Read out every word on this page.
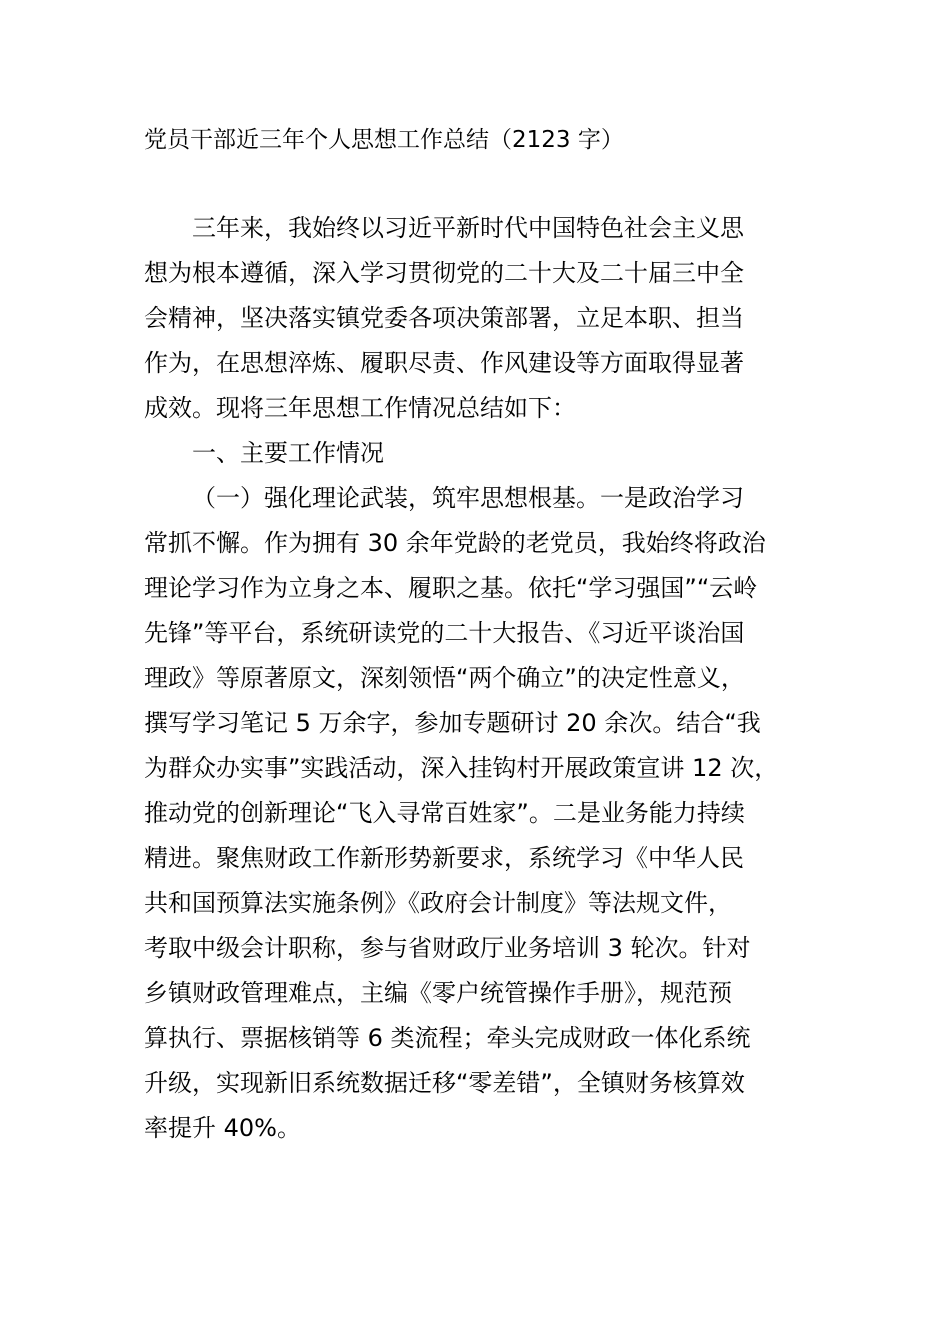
党员干部近三年个人思想工作总结（2123 字）
三年来，我始终以习近平新时代中国特色社会主义思
想为根本遵循，深入学习贯彻党的二十大及二十届三中全
会精神，坚决落实镇党委各项决策部署，立足本职、担当
作为，在思想淬炼、履职尽责、作风建设等方面取得显著
成效。现将三年思想工作情况总结如下：
一、主要工作情况
（一）强化理论武装，筑牢思想根基。一是政治学习
常抓不懈。作为拥有 30 余年党龄的老党员，我始终将政治
理论学习作为立身之本、履职之基。依托“学习强国”“云岭
先锋”等平台，系统研读党的二十大报告、《习近平谈治国
理政》等原著原文，深刻领悟“两个确立”的决定性意义，
撰写学习笔记 5 万余字，参加专题研讨 20 余次。结合“我
为群众办实事”实践活动，深入挂钩村开展政策宣讲 12 次，
推动党的创新理论“飞入寻常百姓家”。二是业务能力持续
精进。聚焦财政工作新形势新要求，系统学习《中华人民
共和国预算法实施条例》《政府会计制度》等法规文件，
考取中级会计职称，参与省财政厅业务培训 3 轮次。针对
乡镇财政管理难点，主编《零户统管操作手册》，规范预
算执行、票据核销等 6 类流程；牵头完成财政一体化系统
升级，实现新旧系统数据迁移“零差错”，全镇财务核算效
率提升 40%。
